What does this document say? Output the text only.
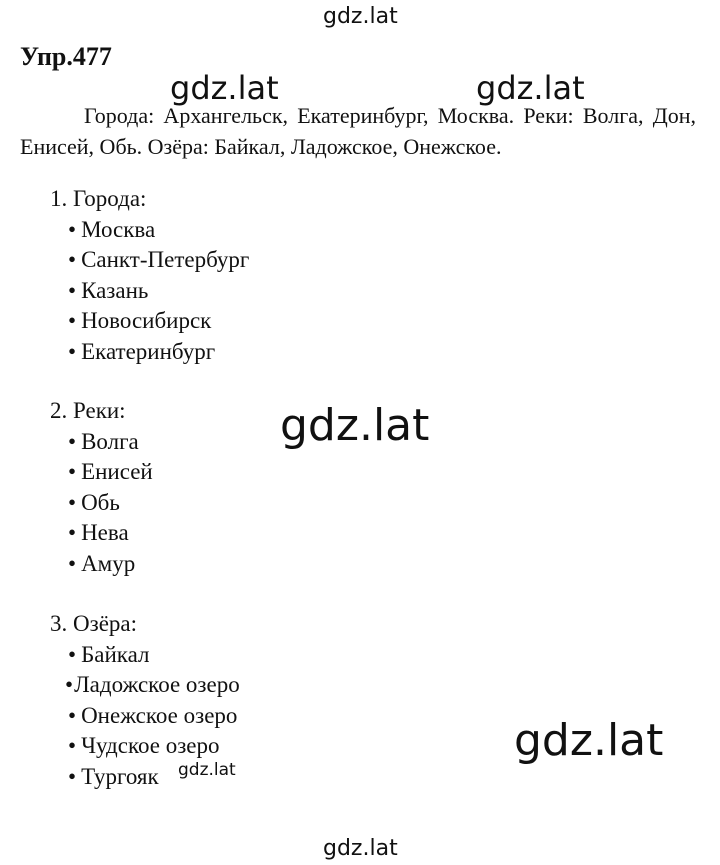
gdz.lat
Упр.477

Города: Архангельск, Екатеринбург, Москва. Реки: Волга, Дон, Енисей, Обь. Озёра: Байкал, Ладожское, Онежское.

gdz.lat	gdz.lat
1. Города:
• Москва
• Санкт-Петербург
• Казань
• Новосибирск
• Екатеринбург
2. Реки:
• Волга
• Енисей
• Обь
• Нева
• Амур
gdz.lat
3. Озёра:
• Байкал
•Ладожское озеро
• Онежское озеро
• Чудское озеро
• Тургояк	gdz.lat
gdz.lat
gdz.lat
